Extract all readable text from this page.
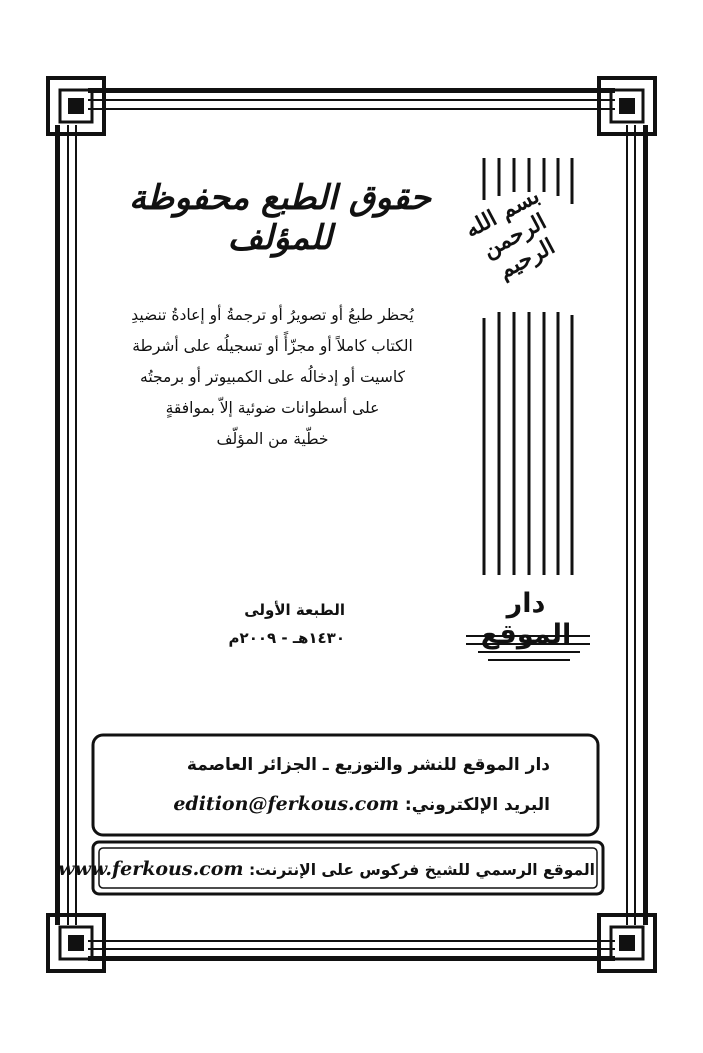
حقوق الطبع محفوظة للمؤلف
يُحظر طبعُ أو تصويرُ أو ترجمةُ أو إعادةُ تنضيدِ
الكتاب كاملاً أو مجزّأً أو تسجيلُه على أشرطة
كاسيت أو إدخالُه على الكمبيوتر أو برمجتُه
على أسطوانات ضوئية إلاّ بموافقةٍ
خطّية من المؤلّف
الطبعة الأولى
١٤٣٠هـ - ٢٠٠٩م
بسم الله الرحمن الرحيم
دار الموقع
دار الموقع للنشر والتوزيع ـ الجزائر العاصمة
البريد الإلكتروني: edition@ferkous.com
الموقع الرسمي للشيخ فركوس على الإنترنت: www.ferkous.com
